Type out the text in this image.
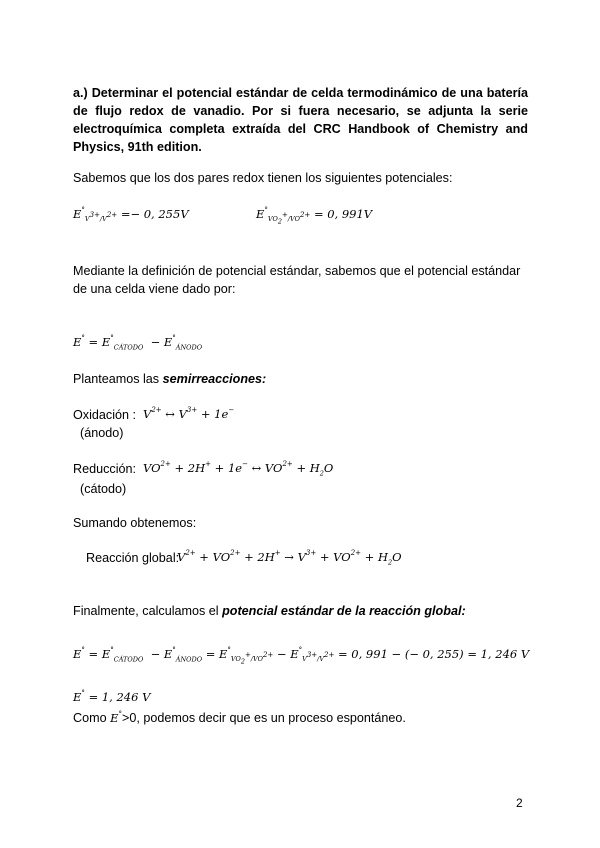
a.) Determinar el potencial estándar de celda termodinámico de una batería de flujo redox de vanadio. Por si fuera necesario, se adjunta la serie electroquímica completa extraída del CRC Handbook of Chemistry and Physics, 91th edition.
Sabemos que los dos pares redox tienen los siguientes potenciales:
$E^\circ_{V^{3+}/V^{2+}} =- 0$, 255V	$E^\circ_{VO_2^+/VO^{2+}} = 0$, 991V
Mediante la definición de potencial estándar, sabemos que el potencial estándar de una celda viene dado por:
$E^\circ = E^\circ_{CÁTODO} - E^\circ_{ÁNODO}$
Planteamos las semirreacciones:
Oxidación : $V^{2+}$ ↔ $V^{3+} + 1e^-$
(ánodo)
Reducción: $VO^{2+} + 2H^+ + 1e^-$ ↔ $VO^{2+} + H_2O$
(cátodo)
Sumando obtenemos:
Reacción global:
$V^{2+} + VO^{2+} + 2H^+ \to V^{3+} + VO^{2+} + H_2O$
Finalmente, calculamos el potencial estándar de la reacción global:
$E^\circ = E^\circ_{CÁTODO} - E^\circ_{ÁNODO} = E^\circ_{VO_2^+/VO^{2+}} - E^\circ_{V^{3+}/V^{2+}} = 0$, 991 − (− 0, 255) = 1, 246 V
E° = 1, 246 V
Como E°>0, podemos decir que es un proceso espontáneo.
2
